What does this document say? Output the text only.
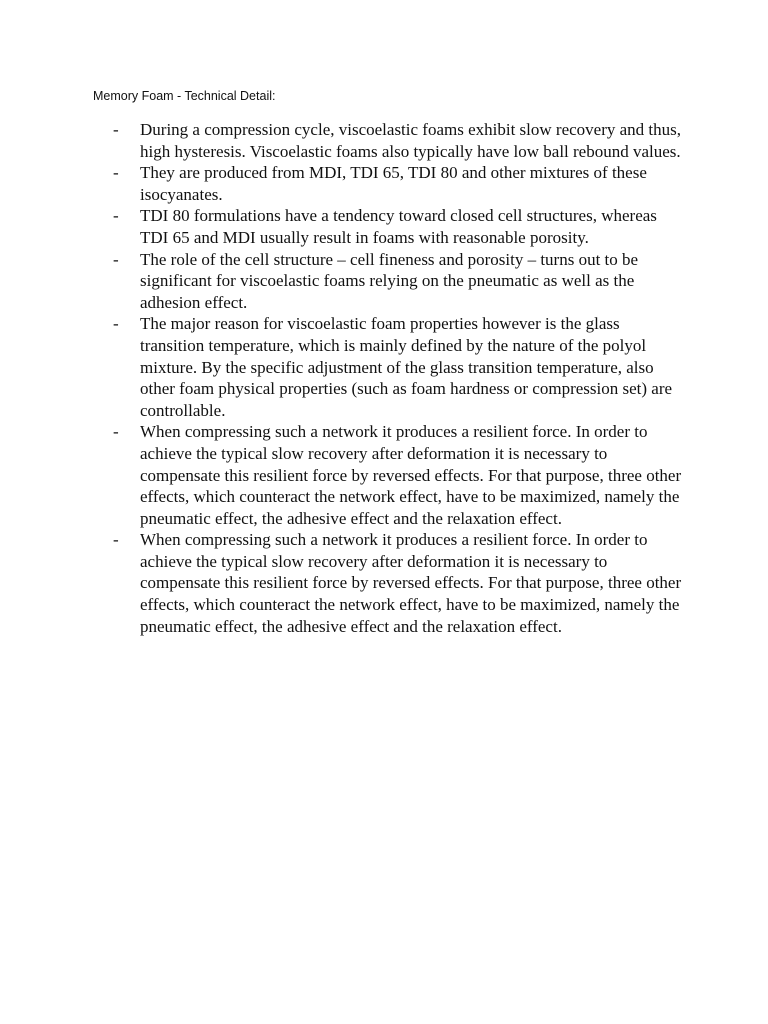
Memory Foam - Technical Detail:
- During a compression cycle, viscoelastic foams exhibit slow recovery and thus, high hysteresis. Viscoelastic foams also typically have low ball rebound values.
- They are produced from MDI, TDI 65, TDI 80 and other mixtures of these isocyanates.
- TDI 80 formulations have a tendency toward closed cell structures, whereas TDI 65 and MDI usually result in foams with reasonable porosity.
- The role of the cell structure – cell fineness and porosity – turns out to be significant for viscoelastic foams relying on the pneumatic as well as the adhesion effect.
- The major reason for viscoelastic foam properties however is the glass transition temperature, which is mainly defined by the nature of the polyol mixture. By the specific adjustment of the glass transition temperature, also other foam physical properties (such as foam hardness or compression set) are controllable.
- When compressing such a network it produces a resilient force. In order to achieve the typical slow recovery after deformation it is necessary to compensate this resilient force by reversed effects. For that purpose, three other effects, which counteract the network effect, have to be maximized, namely the pneumatic effect, the adhesive effect and the relaxation effect.
- When compressing such a network it produces a resilient force. In order to achieve the typical slow recovery after deformation it is necessary to compensate this resilient force by reversed effects. For that purpose, three other effects, which counteract the network effect, have to be maximized, namely the pneumatic effect, the adhesive effect and the relaxation effect.
